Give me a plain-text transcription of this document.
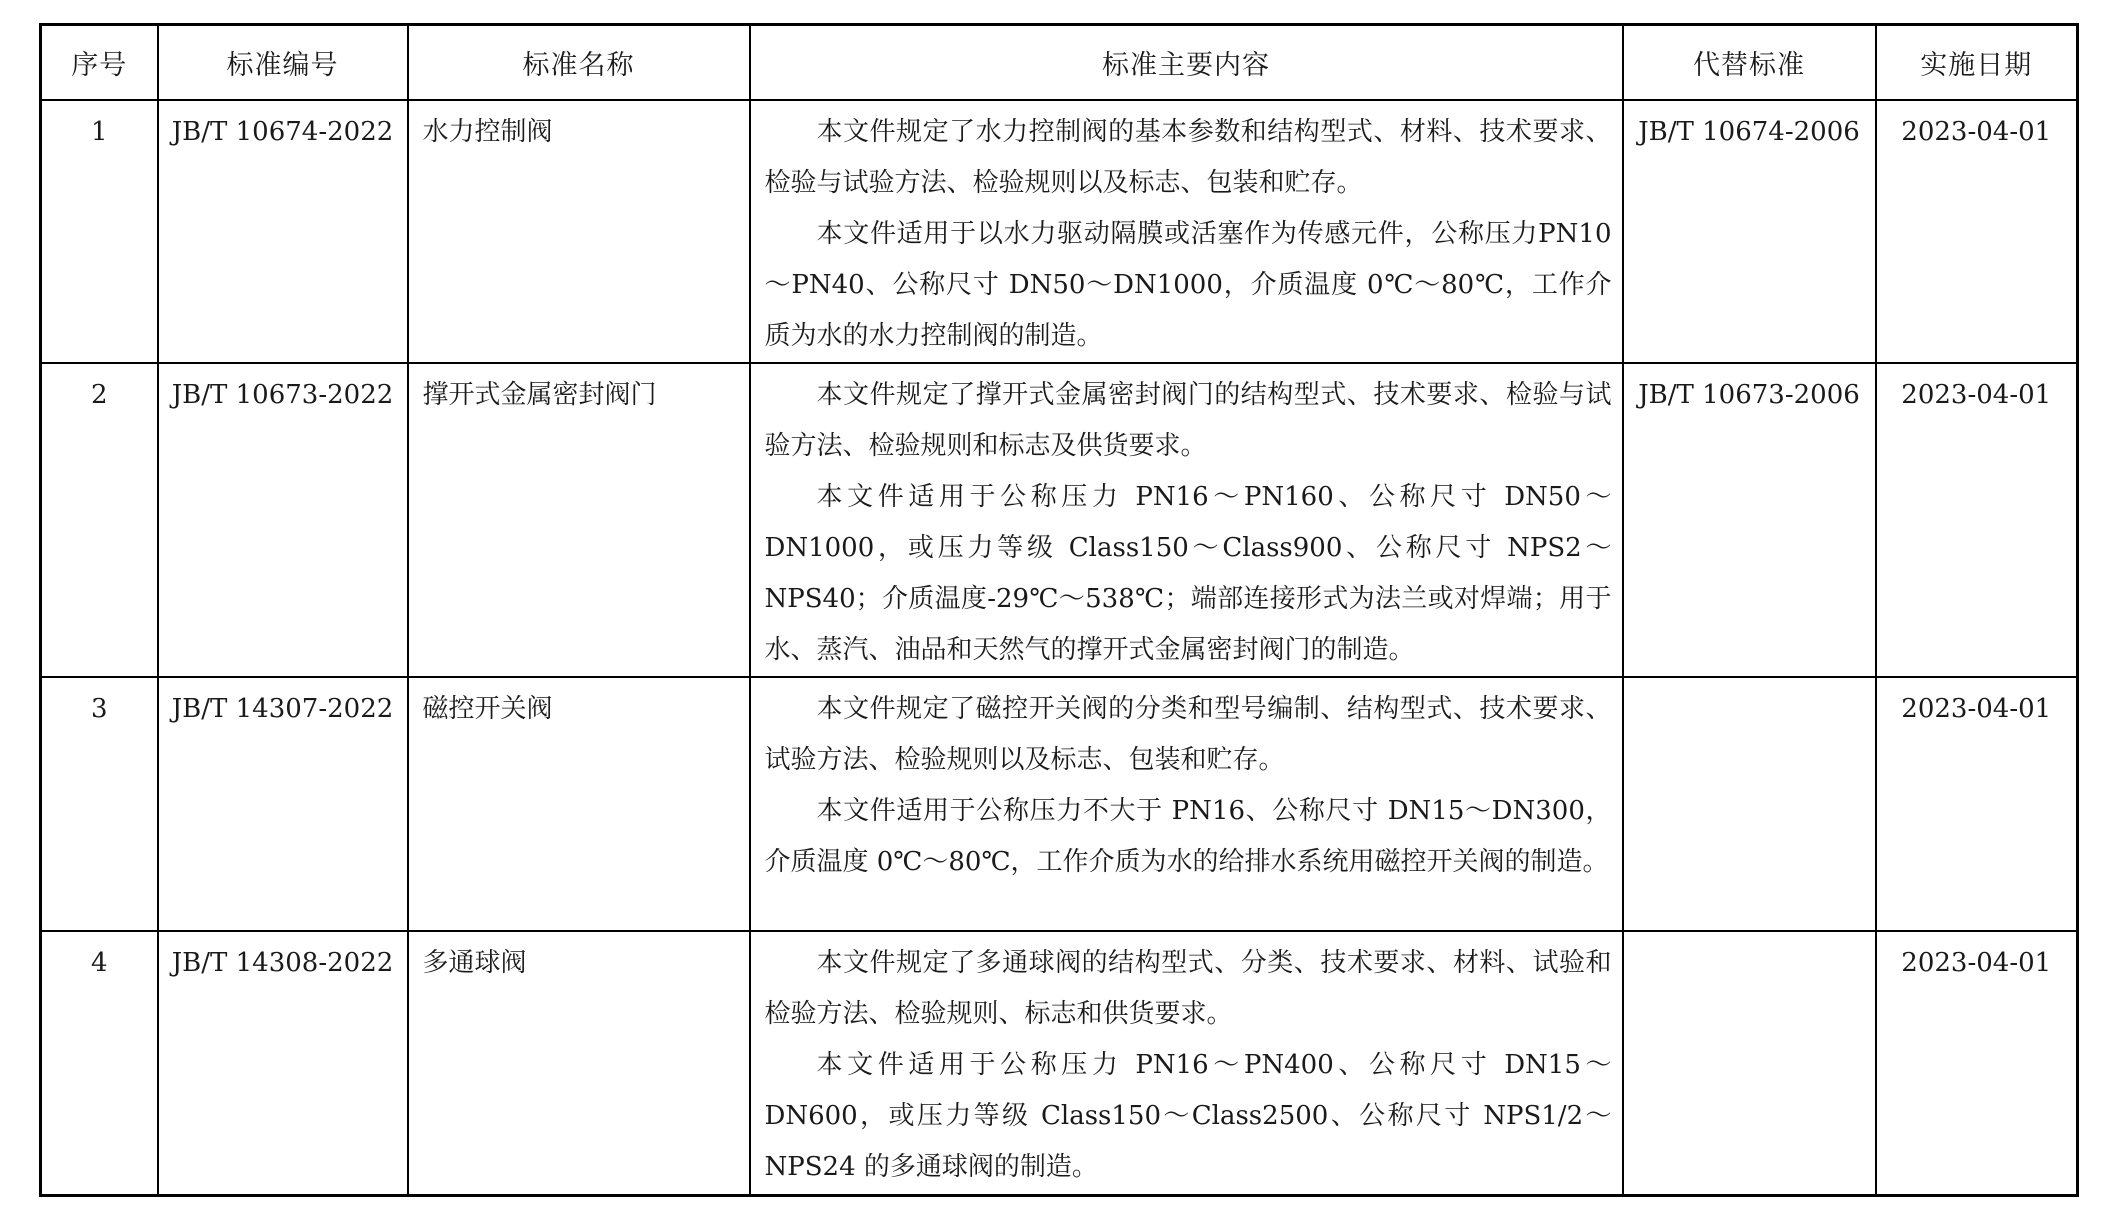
序号	标准编号	标准名称	标准主要内容	代替标准	实施日期
1	JB/T 10674-2022	水力控制阀	本文件规定了水力控制阀的基本参数和结构型式、材料、技术要求、检验与试验方法、检验规则以及标志、包装和贮存。

本文件适用于以水力驱动隔膜或活塞作为传感元件，公称压力PN10～PN40、公称尺寸 DN50～DN1000，介质温度 0℃～80℃，工作介质为水的水力控制阀的制造。	JB/T 10674-2006	2023-04-01
2	JB/T 10673-2022	撑开式金属密封阀门	本文件规定了撑开式金属密封阀门的结构型式、技术要求、检验与试验方法、检验规则和标志及供货要求。

本文件适用于公称压力 PN16～PN160、公称尺寸 DN50～DN1000，或压力等级 Class150～Class900、公称尺寸 NPS2～NPS40；介质温度-29℃～538℃；端部连接形式为法兰或对焊端；用于水、蒸汽、油品和天然气的撑开式金属密封阀门的制造。	JB/T 10673-2006	2023-04-01
3	JB/T 14307-2022	磁控开关阀	本文件规定了磁控开关阀的分类和型号编制、结构型式、技术要求、试验方法、检验规则以及标志、包装和贮存。

本文件适用于公称压力不大于 PN16、公称尺寸 DN15～DN300，介质温度 0℃～80℃，工作介质为水的给排水系统用磁控开关阀的制造。		2023-04-01
4	JB/T 14308-2022	多通球阀	本文件规定了多通球阀的结构型式、分类、技术要求、材料、试验和检验方法、检验规则、标志和供货要求。

本文件适用于公称压力 PN16～PN400、公称尺寸 DN15～DN600，或压力等级 Class150～Class2500、公称尺寸 NPS1/2～NPS24 的多通球阀的制造。		2023-04-01
